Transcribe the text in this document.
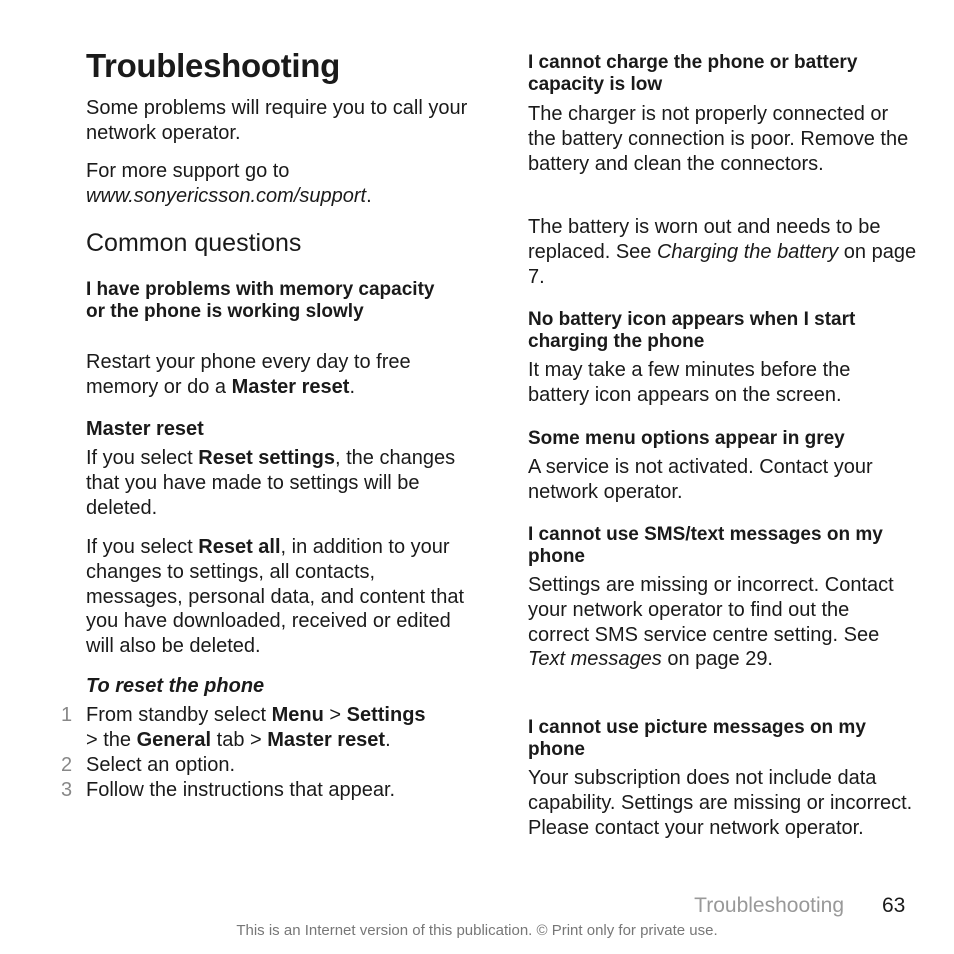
Troubleshooting

Some problems will require you to call your network operator.

For more support go to
www.sonyericsson.com/support.

Common questions
I have problems with memory capacity or the phone is working slowly

Restart your phone every day to free memory or do a Master reset.

Master reset

If you select Reset settings, the changes that you have made to settings will be deleted.

If you select Reset all, in addition to your changes to settings, all contacts, messages, personal data, and content that you have downloaded, received or edited will also be deleted.

To reset the phone
1 From standby select Menu > Settings
> the General tab > Master reset.
2 Select an option.
3 Follow the instructions that appear.
I cannot charge the phone or battery capacity is low

The charger is not properly connected or the battery connection is poor. Remove the battery and clean the connectors.

The battery is worn out and needs to be replaced. See Charging the battery on page 7.

No battery icon appears when I start charging the phone

It may take a few minutes before the battery icon appears on the screen.

Some menu options appear in grey

A service is not activated. Contact your network operator.

I cannot use SMS/text messages on my phone

Settings are missing or incorrect. Contact your network operator to find out the correct SMS service centre setting. See Text messages on page 29.

I cannot use picture messages on my phone

Your subscription does not include data capability. Settings are missing or incorrect. Please contact your network operator.

Troubleshooting 63
This is an Internet version of this publication. © Print only for private use.
